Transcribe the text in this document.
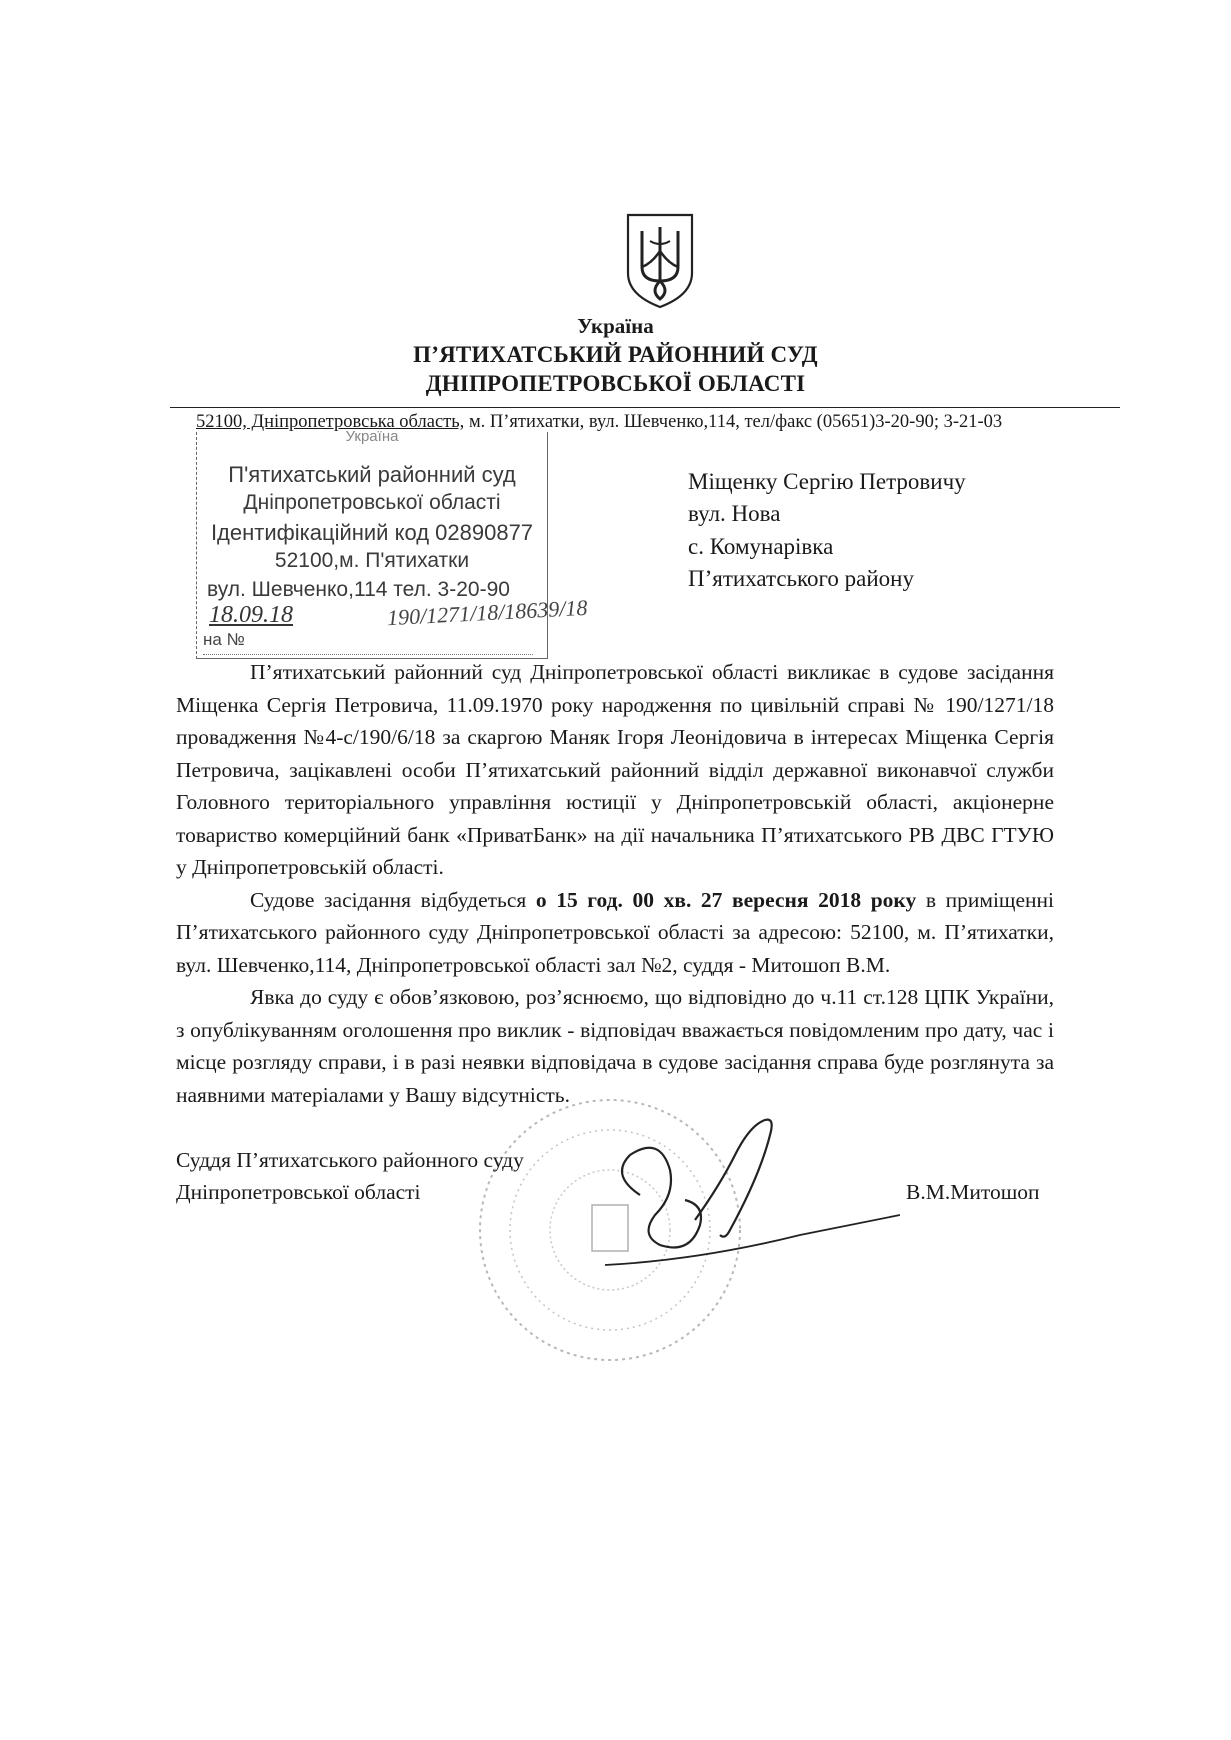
Україна
П’ЯТИХАТСЬКИЙ РАЙОННИЙ СУД
ДНІПРОПЕТРОВСЬКОЇ ОБЛАСТІ
52100, Дніпропетровська область, м. П’ятихатки, вул. Шевченко,114, тел/факс (05651)3-20-90; 3-21-03
Україна
П'ятихатський районний суд
Дніпропетровської області
Ідентифікаційний код 02890877
52100,м. П'ятихатки
вул. Шевченко,114 тел. 3-20-90
18.09.18	190/1271/18/18639/18
на №
Міщенку Сергію Петровичу
вул. Нова
с. Комунарівка
П’ятихатського району

П’ятихатський районний суд Дніпропетровської області викликає в судове засідання Міщенка Сергія Петровича, 11.09.1970 року народження по цивільній справі № 190/1271/18 провадження №4-с/190/6/18 за скаргою Маняк Ігоря Леонідовича в інтересах Міщенка Сергія Петровича, зацікавлені особи П’ятихатський районний відділ державної виконавчої служби Головного територіального управління юстиції у Дніпропетровській області, акціонерне товариство комерційний банк «ПриватБанк» на дії начальника П’ятихатського РВ ДВС ГТУЮ у Дніпропетровській області.

Судове засідання відбудеться о 15 год. 00 хв. 27 вересня 2018 року в приміщенні П’ятихатського районного суду Дніпропетровської області за адресою: 52100, м. П’ятихатки, вул. Шевченко,114, Дніпропетровської області зал №2, суддя - Митошоп В.М.

Явка до суду є обов’язковою, роз’яснюємо, що відповідно до ч.11 ст.128 ЦПК України, з опублікуванням оголошення про виклик - відповідач вважається повідомленим про дату, час і місце розгляду справи, і в разі неявки відповідача в судове засідання справа буде розглянута за наявними матеріалами у Вашу відсутність.

Суддя П’ятихатського районного суду
Дніпропетровської області	В.М.Митошоп
